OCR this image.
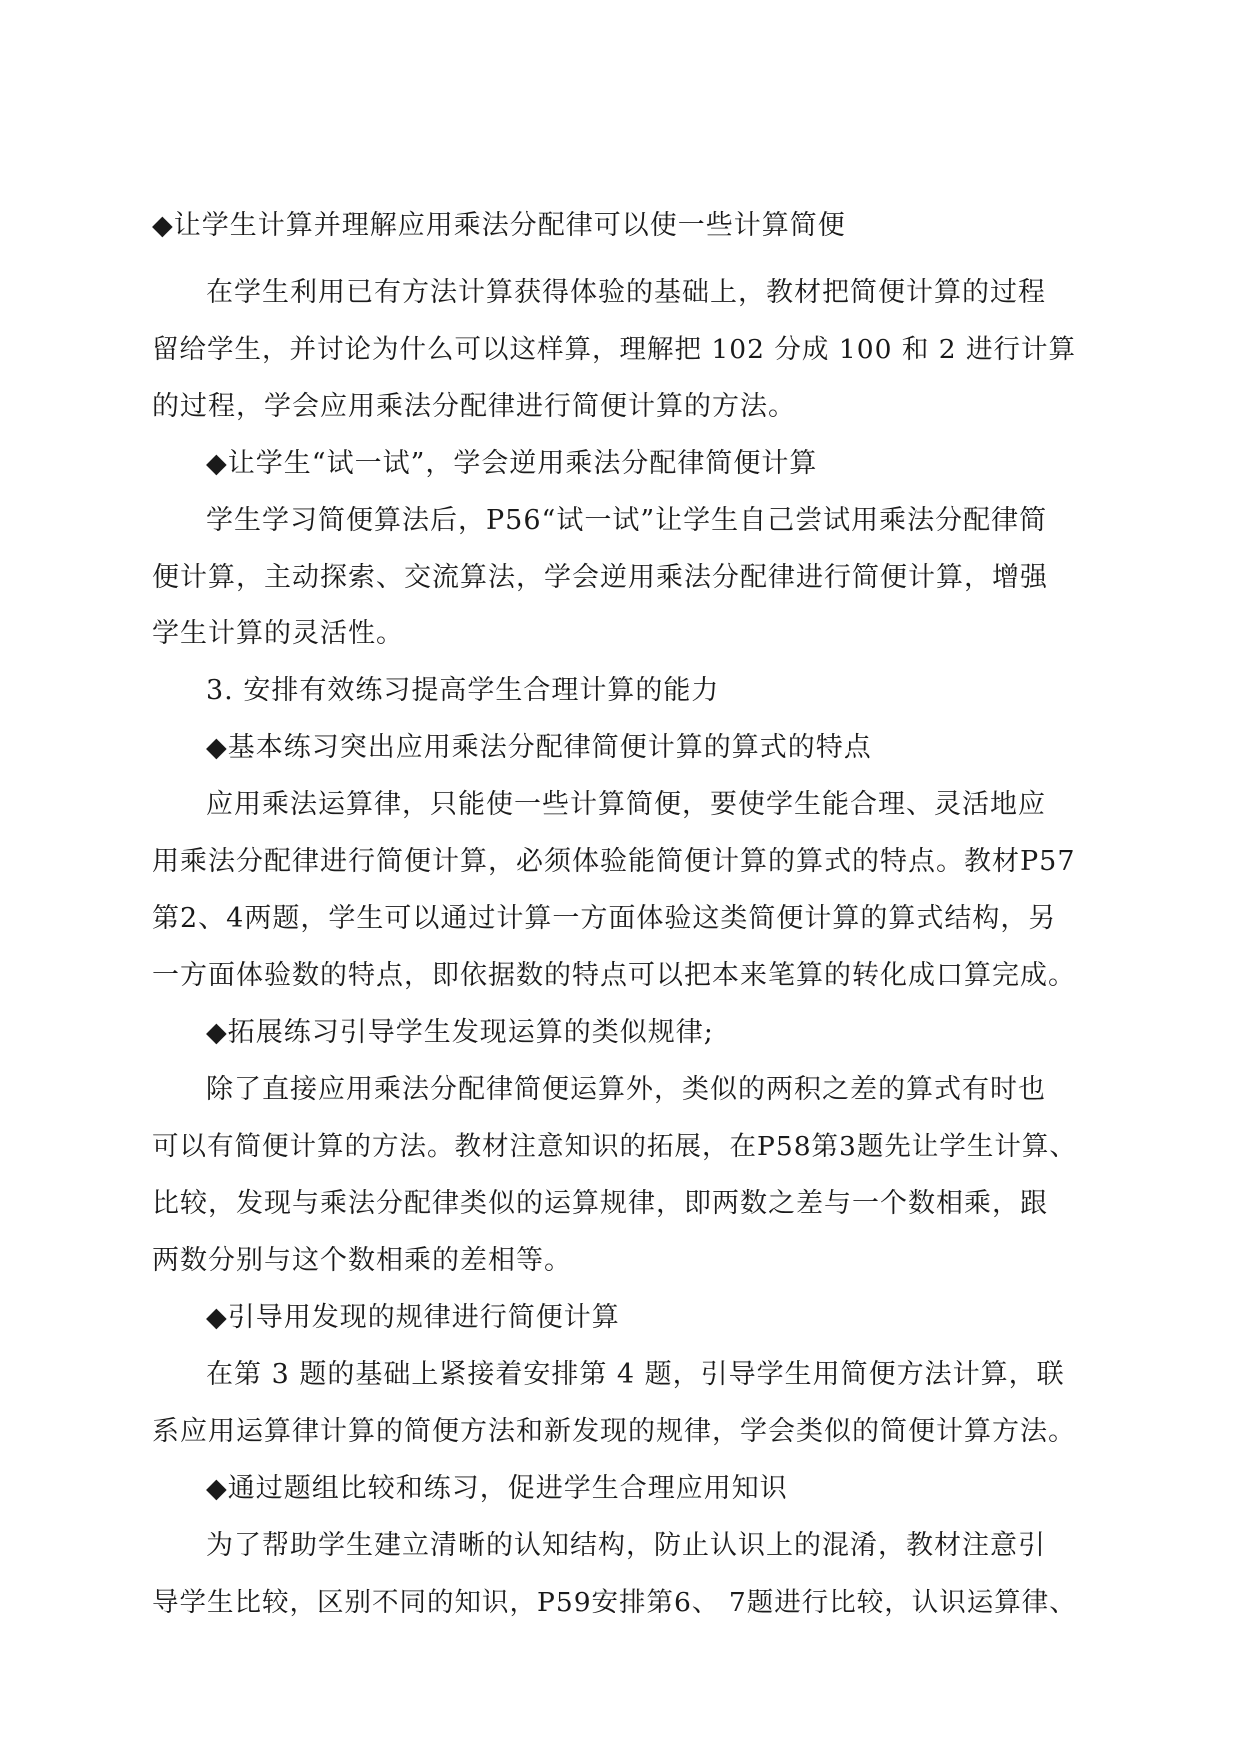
◆让学生计算并理解应用乘法分配律可以使一些计算简便
在学生利用已有方法计算获得体验的基础上，教材把简便计算的过程
留给学生，并讨论为什么可以这样算，理解把 102 分成 100 和 2 进行计算
的过程，学会应用乘法分配律进行简便计算的方法。
◆让学生“试一试”，学会逆用乘法分配律简便计算
学生学习简便算法后，P56“试一试”让学生自己尝试用乘法分配律简
便计算，主动探索、交流算法，学会逆用乘法分配律进行简便计算，增强
学生计算的灵活性。
3. 安排有效练习提高学生合理计算的能力
◆基本练习突出应用乘法分配律简便计算的算式的特点
应用乘法运算律，只能使一些计算简便，要使学生能合理、灵活地应
用乘法分配律进行简便计算，必须体验能简便计算的算式的特点。教材P57
第2、4两题，学生可以通过计算一方面体验这类简便计算的算式结构，另
一方面体验数的特点，即依据数的特点可以把本来笔算的转化成口算完成。
◆拓展练习引导学生发现运算的类似规律;
除了直接应用乘法分配律简便运算外，类似的两积之差的算式有时也
可以有简便计算的方法。教材注意知识的拓展，在P58第3题先让学生计算、
比较，发现与乘法分配律类似的运算规律，即两数之差与一个数相乘，跟
两数分别与这个数相乘的差相等。
◆引导用发现的规律进行简便计算
在第 3 题的基础上紧接着安排第 4 题，引导学生用简便方法计算，联
系应用运算律计算的简便方法和新发现的规律，学会类似的简便计算方法。
◆通过题组比较和练习，促进学生合理应用知识
为了帮助学生建立清晰的认知结构，防止认识上的混淆，教材注意引
导学生比较，区别不同的知识，P59安排第6、 7题进行比较，认识运算律、
